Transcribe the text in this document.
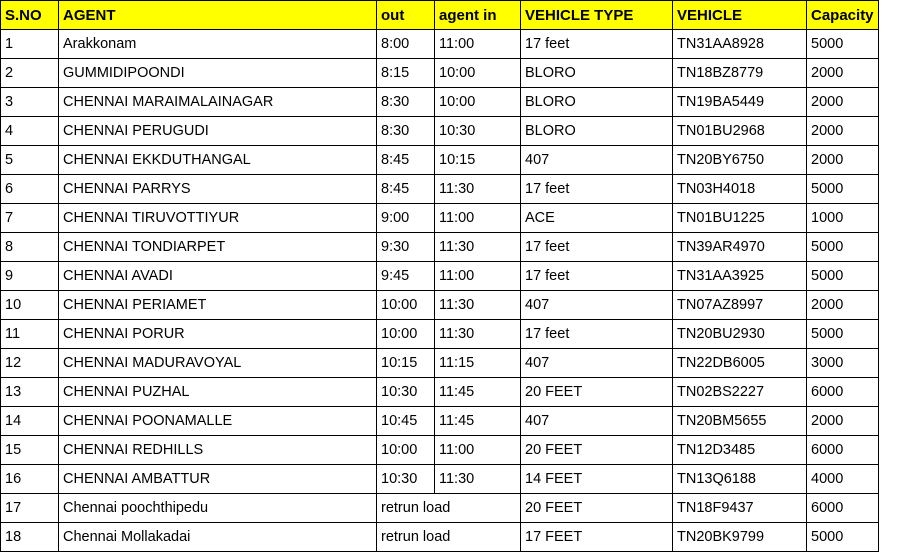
S.NO	AGENT	out	agent in	VEHICLE TYPE	VEHICLE	Capacity
1	Arakkonam	8:00	11:00	17 feet	TN31AA8928	5000
2	GUMMIDIPOONDI	8:15	10:00	BLORO	TN18BZ8779	2000
3	CHENNAI MARAIMALAINAGAR	8:30	10:00	BLORO	TN19BA5449	2000
4	CHENNAI PERUGUDI	8:30	10:30	BLORO	TN01BU2968	2000
5	CHENNAI EKKDUTHANGAL	8:45	10:15	407	TN20BY6750	2000
6	CHENNAI PARRYS	8:45	11:30	17 feet	TN03H4018	5000
7	CHENNAI TIRUVOTTIYUR	9:00	11:00	ACE	TN01BU1225	1000
8	CHENNAI TONDIARPET	9:30	11:30	17 feet	TN39AR4970	5000
9	CHENNAI AVADI	9:45	11:00	17 feet	TN31AA3925	5000
10	CHENNAI PERIAMET	10:00	11:30	407	TN07AZ8997	2000
11	CHENNAI PORUR	10:00	11:30	17 feet	TN20BU2930	5000
12	CHENNAI MADURAVOYAL	10:15	11:15	407	TN22DB6005	3000
13	CHENNAI PUZHAL	10:30	11:45	20 FEET	TN02BS2227	6000
14	CHENNAI POONAMALLE	10:45	11:45	407	TN20BM5655	2000
15	CHENNAI REDHILLS	10:00	11:00	20 FEET	TN12D3485	6000
16	CHENNAI AMBATTUR	10:30	11:30	14 FEET	TN13Q6188	4000
17	Chennai poochthipedu	retrun load		20 FEET	TN18F9437	6000
18	Chennai Mollakadai	retrun load		17 FEET	TN20BK9799	5000
